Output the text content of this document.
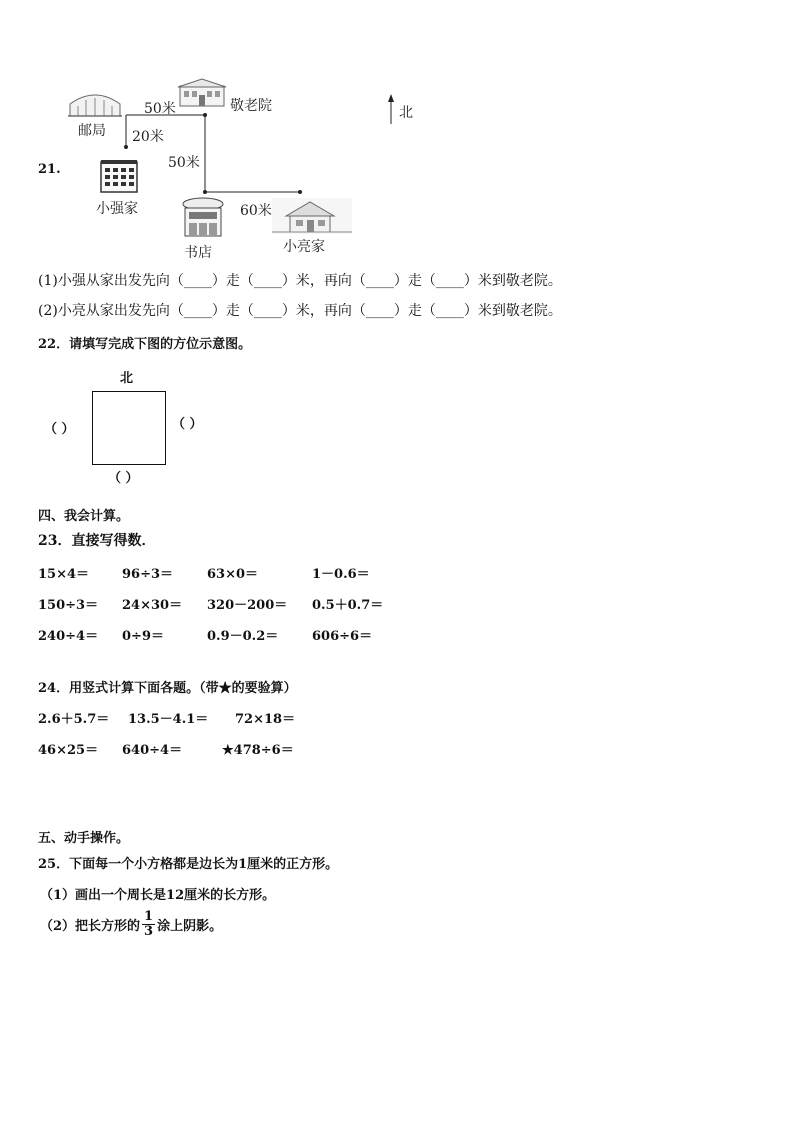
邮局
敬老院
50米
20米
50米
60米
北
21.
小强家
书店	小亮家
(1)小强从家出发先向（____）走（____）米，再向（____）走（____）米到敬老院。
(2)小亮从家出发先向（____）走（____）米，再向（____）走（____）米到敬老院。
22．请填写完成下图的方位示意图。
北
（ ）	（ ）
（ ）
四、我会计算。
23．直接写得数．
15×4＝	96÷3＝	63×0＝	1－0.6＝
150÷3＝ 24×30＝ 320－200＝ 0.5＋0.7＝
240÷4＝ 0÷9＝	0.9－0.2＝	606÷6＝
24．用竖式计算下面各题。（带★的要验算）
2.6＋5.7＝ 13.5－4.1＝ 72×18＝
46×25＝ 640÷4＝	★478÷6＝
五、动手操作。
25．下面每一个小方格都是边长为1厘米的正方形。
（1）画出一个周长是12厘米的长方形。
（2）把长方形的 $\frac{1}{3}$ 涂上阴影。
